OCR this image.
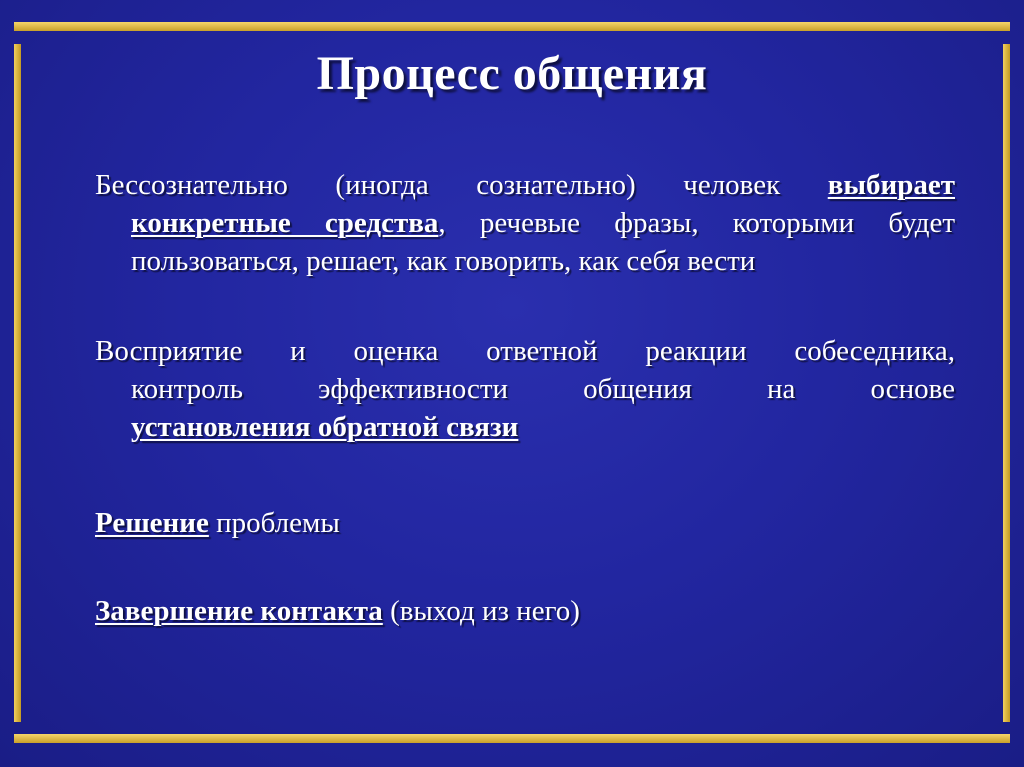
Процесс общения
Бессознательно (иногда сознательно) человек выбирает
конкретные средства, речевые фразы, которыми будет
пользоваться, решает, как говорить, как себя вести
Восприятие и оценка ответной реакции собеседника,
контроль эффективности общения на основе
установления обратной связи
Решение проблемы
Завершение контакта (выход из него)
